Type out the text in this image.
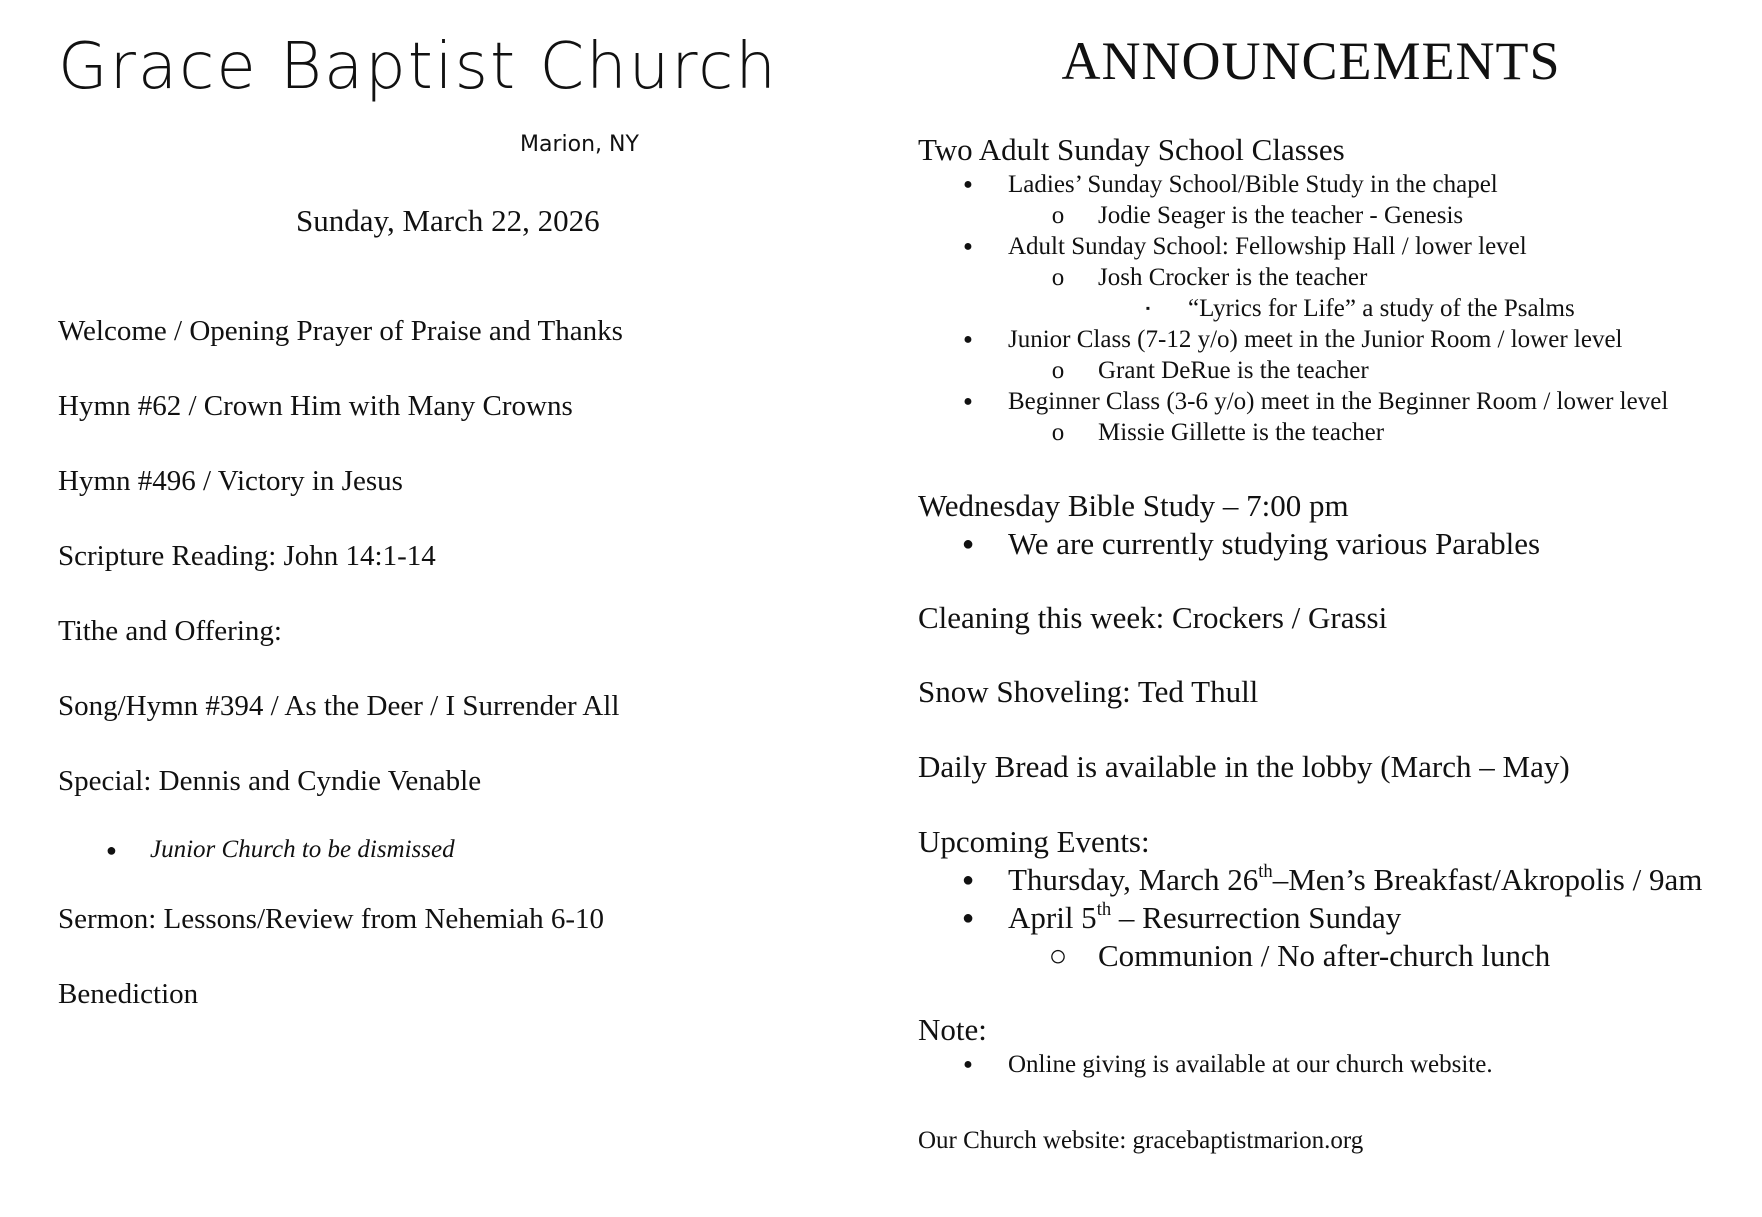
Grace Baptist Church
Marion, NY
Sunday, March 22, 2026
Welcome / Opening Prayer of Praise and Thanks
Hymn #62 / Crown Him with Many Crowns
Hymn #496 / Victory in Jesus
Scripture Reading: John 14:1-14
Tithe and Offering:
Song/Hymn #394 / As the Deer / I Surrender All
Special: Dennis and Cyndie Venable
● Junior Church to be dismissed
Sermon: Lessons/Review from Nehemiah 6-10
Benediction
ANNOUNCEMENTS
Two Adult Sunday School Classes
● Ladies’ Sunday School/Bible Study in the chapel
o Jodie Seager is the teacher - Genesis
● Adult Sunday School: Fellowship Hall / lower level
o Josh Crocker is the teacher
▪	“Lyrics for Life” a study of the Psalms
● Junior Class (7-12 y/o) meet in the Junior Room / lower level
o Grant DeRue is the teacher
● Beginner Class (3-6 y/o) meet in the Beginner Room / lower level
o Missie Gillette is the teacher
Wednesday Bible Study – 7:00 pm
● We are currently studying various Parables
Cleaning this week: Crockers / Grassi
Snow Shoveling: Ted Thull
Daily Bread is available in the lobby (March – May)
Upcoming Events:
● Thursday, March 26th–Men’s Breakfast/Akropolis / 9am
● April 5th – Resurrection Sunday
○ Communion / No after-church lunch
Note:
● Online giving is available at our church website.
Our Church website: gracebaptistmarion.org
